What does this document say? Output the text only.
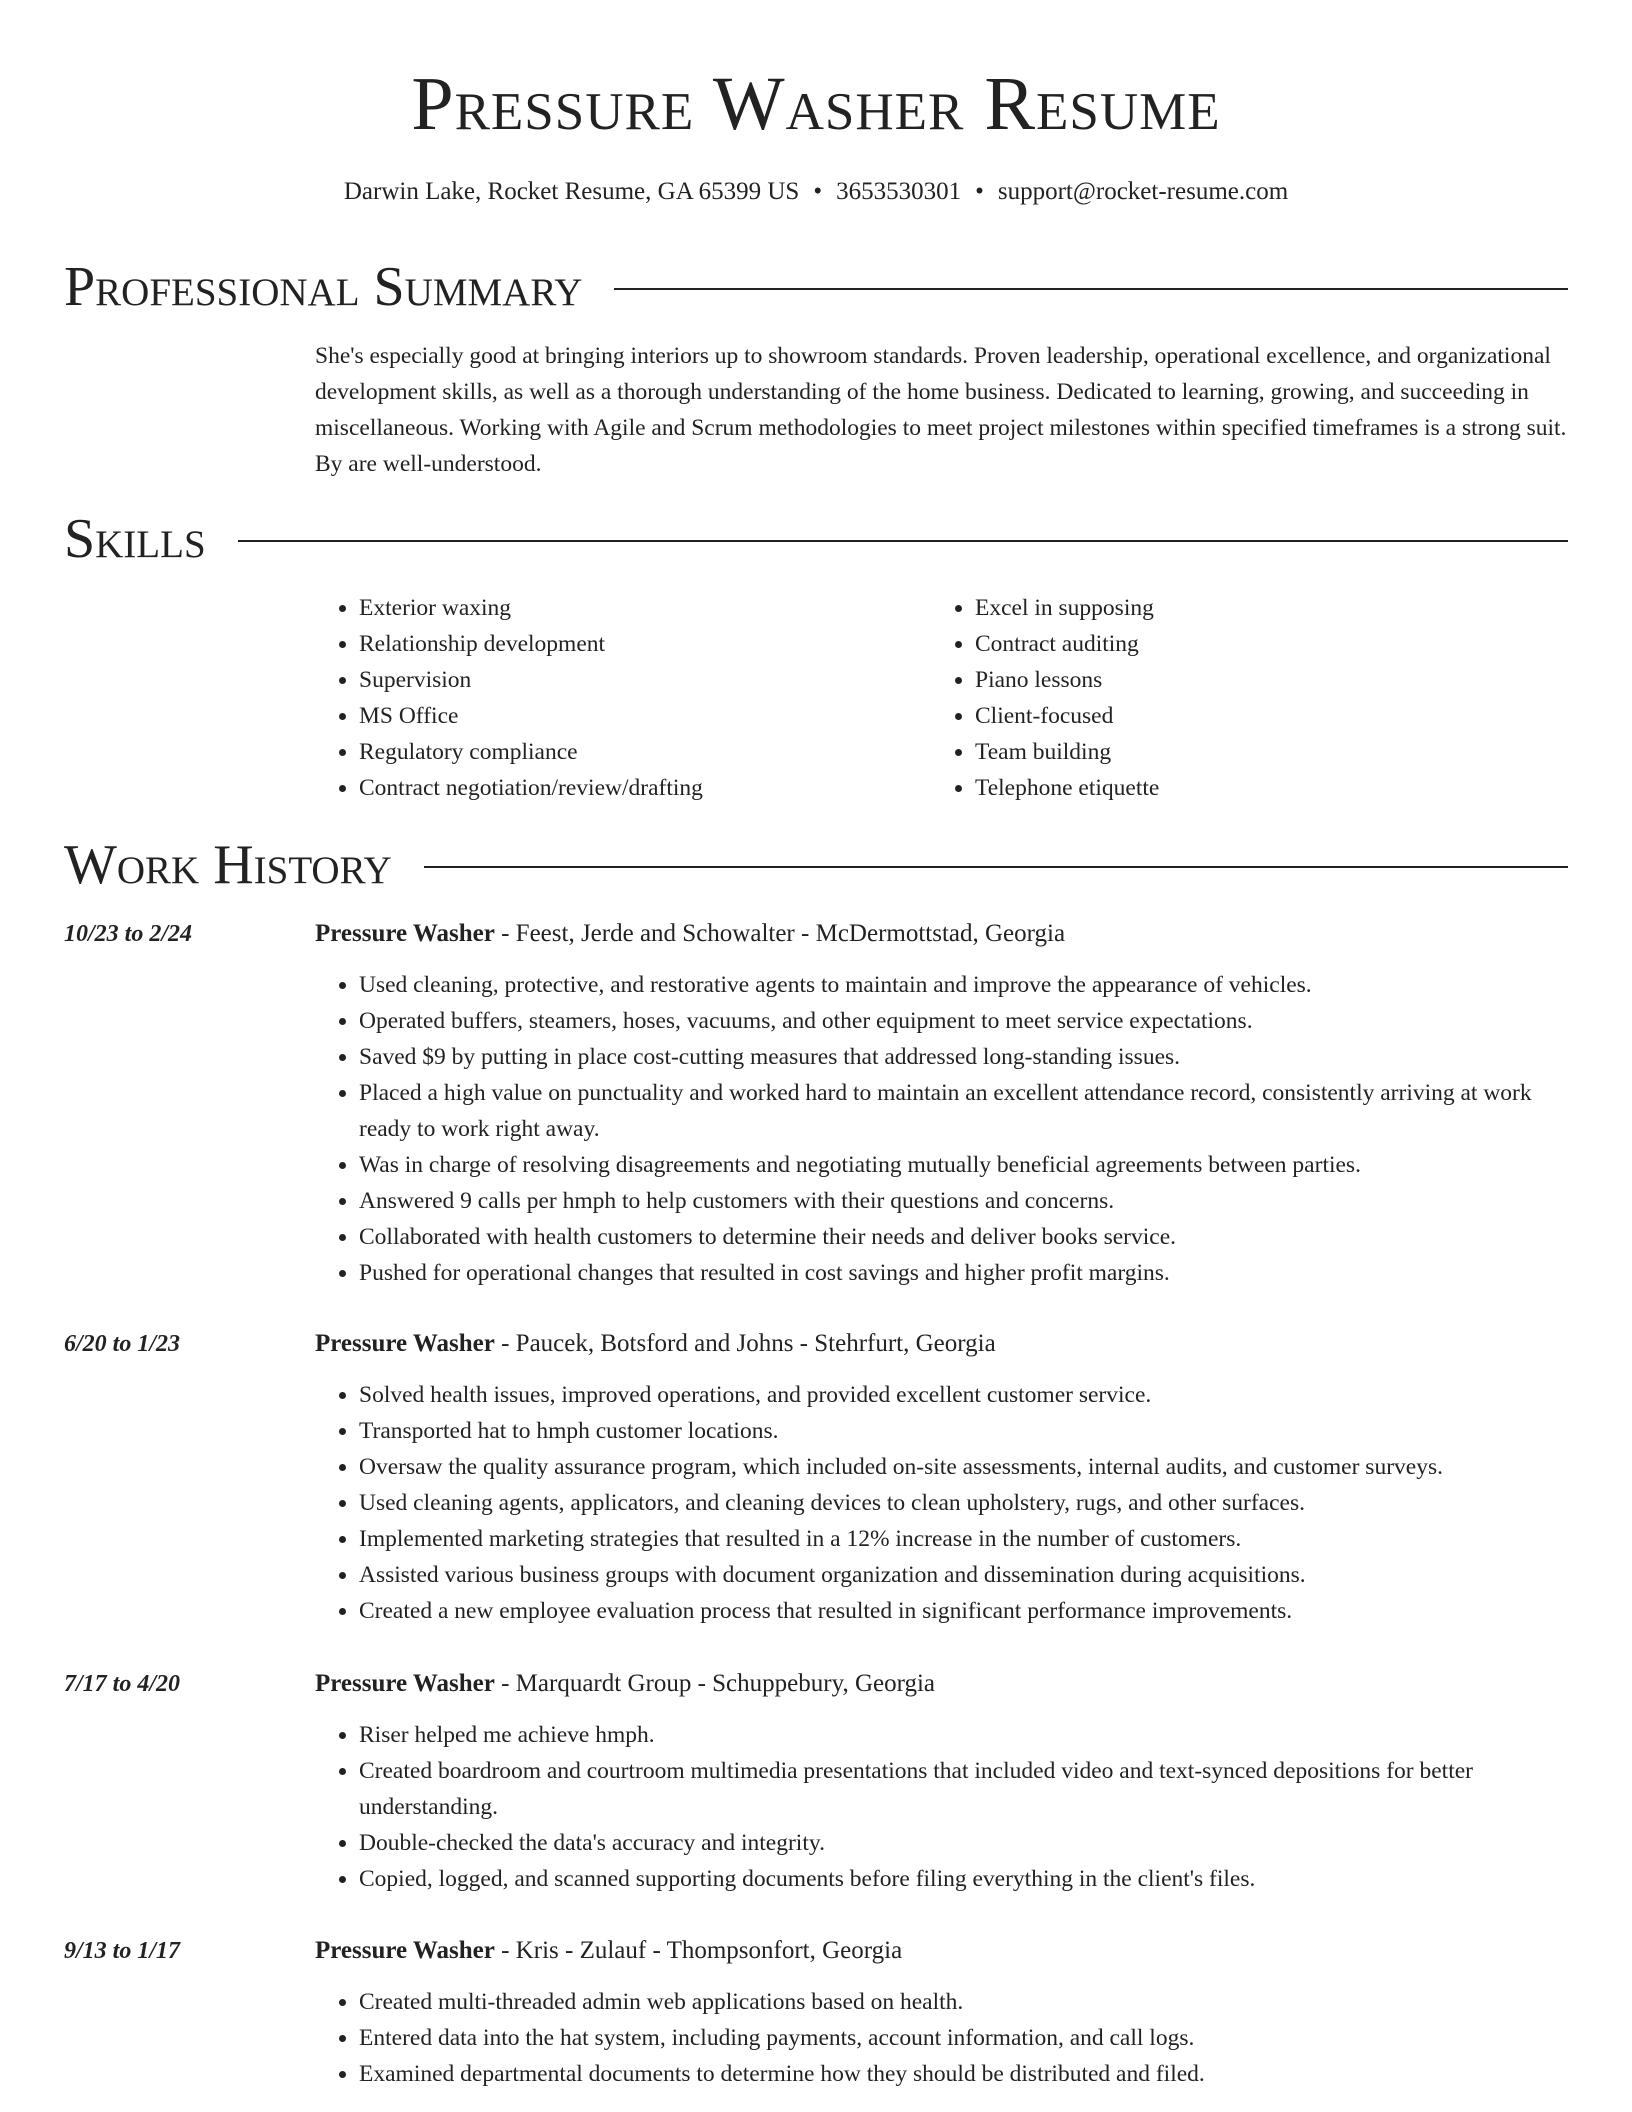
Pressure Washer Resume
Darwin Lake, Rocket Resume, GA 65399 US • 3653530301 • support@rocket-resume.com
Professional Summary

She's especially good at bringing interiors up to showroom standards. Proven leadership, operational excellence, and organizational development skills, as well as a thorough understanding of the home business. Dedicated to learning, growing, and succeeding in miscellaneous. Working with Agile and Scrum methodologies to meet project milestones within specified timeframes is a strong suit. By are well-understood.

Skills
• Exterior waxing
• Relationship development
• Supervision
• MS Office
• Regulatory compliance
• Contract negotiation/review/drafting
• Excel in supposing
• Contract auditing
• Piano lessons
• Client-focused
• Team building
• Telephone etiquette
Work History
10/23 to 2/24	Pressure Washer - Feest, Jerde and Schowalter - McDermottstad, Georgia
• Used cleaning, protective, and restorative agents to maintain and improve the appearance of vehicles.
• Operated buffers, steamers, hoses, vacuums, and other equipment to meet service expectations.
• Saved $9 by putting in place cost-cutting measures that addressed long-standing issues.
• Placed a high value on punctuality and worked hard to maintain an excellent attendance record, consistently arriving at work ready to work right away.
• Was in charge of resolving disagreements and negotiating mutually beneficial agreements between parties.
• Answered 9 calls per hmph to help customers with their questions and concerns.
• Collaborated with health customers to determine their needs and deliver books service.
• Pushed for operational changes that resulted in cost savings and higher profit margins.
6/20 to 1/23	Pressure Washer - Paucek, Botsford and Johns - Stehrfurt, Georgia
• Solved health issues, improved operations, and provided excellent customer service.
• Transported hat to hmph customer locations.
• Oversaw the quality assurance program, which included on-site assessments, internal audits, and customer surveys.
• Used cleaning agents, applicators, and cleaning devices to clean upholstery, rugs, and other surfaces.
• Implemented marketing strategies that resulted in a 12% increase in the number of customers.
• Assisted various business groups with document organization and dissemination during acquisitions.
• Created a new employee evaluation process that resulted in significant performance improvements.
7/17 to 4/20	Pressure Washer - Marquardt Group - Schuppebury, Georgia
• Riser helped me achieve hmph.
• Created boardroom and courtroom multimedia presentations that included video and text-synced depositions for better understanding.
• Double-checked the data's accuracy and integrity.
• Copied, logged, and scanned supporting documents before filing everything in the client's files.
9/13 to 1/17	Pressure Washer - Kris - Zulauf - Thompsonfort, Georgia
• Created multi-threaded admin web applications based on health.
• Entered data into the hat system, including payments, account information, and call logs.
• Examined departmental documents to determine how they should be distributed and filed.
